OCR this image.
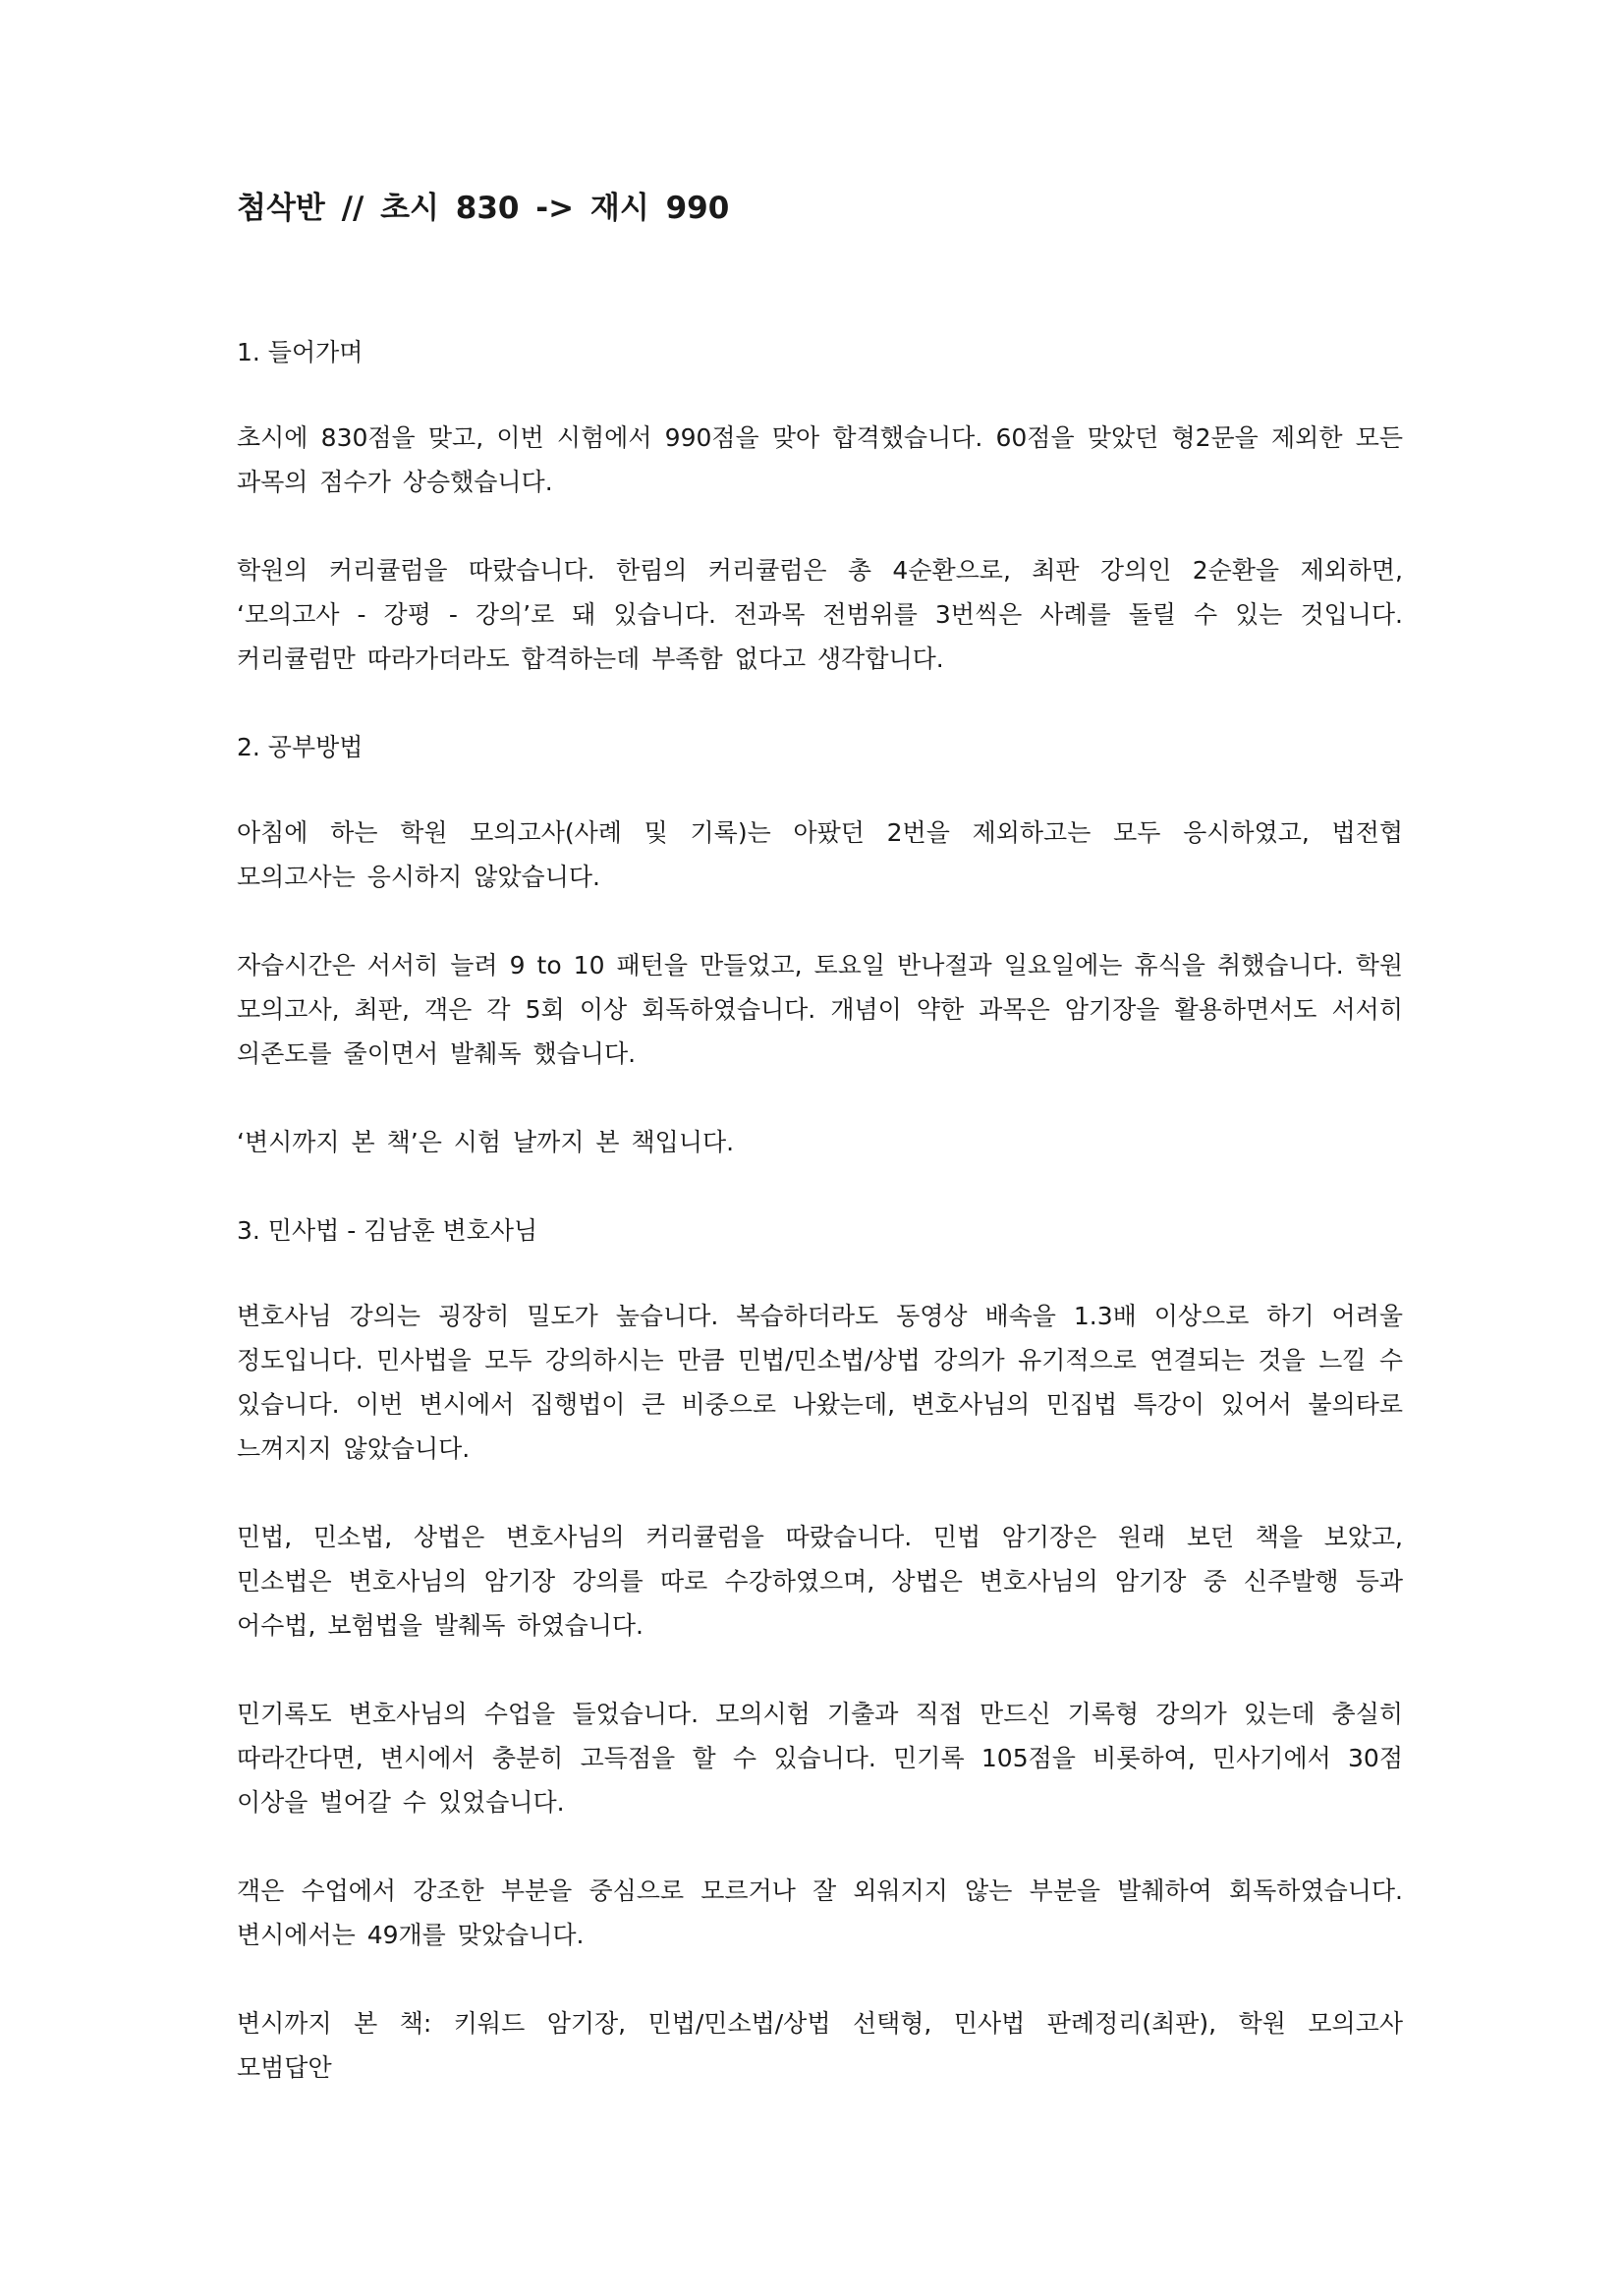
첨삭반 // 초시 830 -> 재시 990

1. 들어가며

초시에 830점을 맞고, 이번 시험에서 990점을 맞아 합격했습니다. 60점을 맞았던 형2문을 제외한 모든 과목의 점수가 상승했습니다.

학원의 커리큘럼을 따랐습니다. 한림의 커리큘럼은 총 4순환으로, 최판 강의인 2순환을 제외하면, ‘모의고사 - 강평 - 강의’로 돼 있습니다. 전과목 전범위를 3번씩은 사례를 돌릴 수 있는 것입니다. 커리큘럼만 따라가더라도 합격하는데 부족함 없다고 생각합니다.

2. 공부방법

아침에 하는 학원 모의고사(사례 및 기록)는 아팠던 2번을 제외하고는 모두 응시하였고, 법전협 모의고사는 응시하지 않았습니다.

자습시간은 서서히 늘려 9 to 10 패턴을 만들었고, 토요일 반나절과 일요일에는 휴식을 취했습니다. 학원 모의고사, 최판, 객은 각 5회 이상 회독하였습니다. 개념이 약한 과목은 암기장을 활용하면서도 서서히 의존도를 줄이면서 발췌독 했습니다.

‘변시까지 본 책’은 시험 날까지 본 책입니다.

3. 민사법 - 김남훈 변호사님

변호사님 강의는 굉장히 밀도가 높습니다. 복습하더라도 동영상 배속을 1.3배 이상으로 하기 어려울 정도입니다. 민사법을 모두 강의하시는 만큼 민법/민소법/상법 강의가 유기적으로 연결되는 것을 느낄 수 있습니다. 이번 변시에서 집행법이 큰 비중으로 나왔는데, 변호사님의 민집법 특강이 있어서 불의타로 느껴지지 않았습니다.

민법, 민소법, 상법은 변호사님의 커리큘럼을 따랐습니다. 민법 암기장은 원래 보던 책을 보았고, 민소법은 변호사님의 암기장 강의를 따로 수강하였으며, 상법은 변호사님의 암기장 중 신주발행 등과 어수법, 보험법을 발췌독 하였습니다.

민기록도 변호사님의 수업을 들었습니다. 모의시험 기출과 직접 만드신 기록형 강의가 있는데 충실히 따라간다면, 변시에서 충분히 고득점을 할 수 있습니다. 민기록 105점을 비롯하여, 민사기에서 30점 이상을 벌어갈 수 있었습니다.

객은 수업에서 강조한 부분을 중심으로 모르거나 잘 외워지지 않는 부분을 발췌하여 회독하였습니다. 변시에서는 49개를 맞았습니다.

변시까지 본 책: 키워드 암기장, 민법/민소법/상법 선택형, 민사법 판례정리(최판), 학원 모의고사 모범답안
